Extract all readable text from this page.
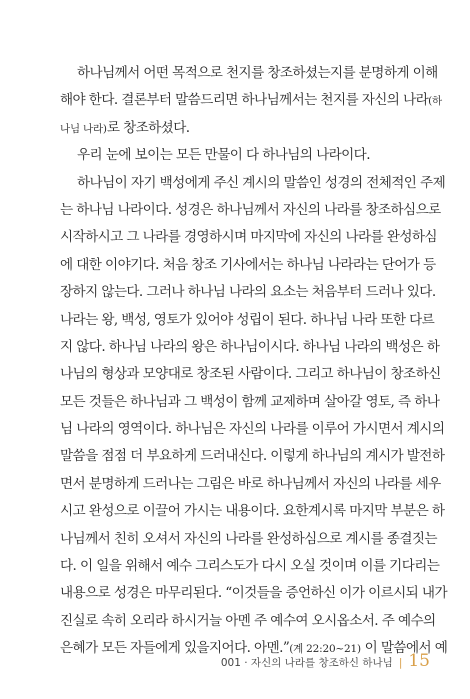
하나님께서 어떤 목적으로 천지를 창조하셨는지를 분명하게 이해
해야 한다. 결론부터 말씀드리면 하나님께서는 천지를 자신의 나라(하
나님 나라)로 창조하셨다.
우리 눈에 보이는 모든 만물이 다 하나님의 나라이다.
하나님이 자기 백성에게 주신 계시의 말씀인 성경의 전체적인 주제
는 하나님 나라이다. 성경은 하나님께서 자신의 나라를 창조하심으로
시작하시고 그 나라를 경영하시며 마지막에 자신의 나라를 완성하심
에 대한 이야기다. 처음 창조 기사에서는 하나님 나라라는 단어가 등
장하지 않는다. 그러나 하나님 나라의 요소는 처음부터 드러나 있다.
나라는 왕, 백성, 영토가 있어야 성립이 된다. 하나님 나라 또한 다르
지 않다. 하나님 나라의 왕은 하나님이시다. 하나님 나라의 백성은 하
나님의 형상과 모양대로 창조된 사람이다. 그리고 하나님이 창조하신
모든 것들은 하나님과 그 백성이 함께 교제하며 살아갈 영토, 즉 하나
님 나라의 영역이다. 하나님은 자신의 나라를 이루어 가시면서 계시의
말씀을 점점 더 부요하게 드러내신다. 이렇게 하나님의 계시가 발전하
면서 분명하게 드러나는 그림은 바로 하나님께서 자신의 나라를 세우
시고 완성으로 이끌어 가시는 내용이다. 요한계시록 마지막 부분은 하
나님께서 친히 오셔서 자신의 나라를 완성하심으로 계시를 종결짓는
다. 이 일을 위해서 예수 그리스도가 다시 오실 것이며 이를 기다리는
내용으로 성경은 마무리된다. “이것들을 증언하신 이가 이르시되 내가
진실로 속히 오리라 하시거늘 아멘 주 예수여 오시옵소서. 주 예수의
은혜가 모든 자들에게 있을지어다. 아멘.”(계 22:20~21) 이 말씀에서 예
001 · 자신의 나라를 창조하신 하나님 | 15
